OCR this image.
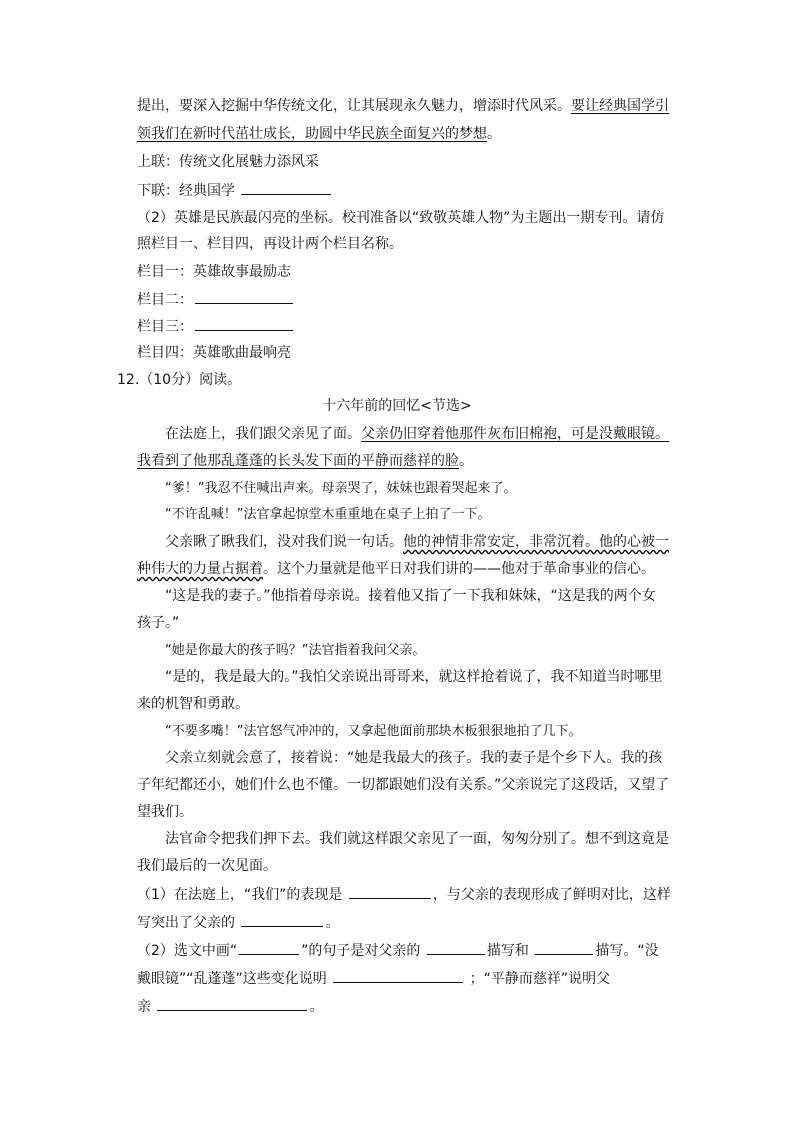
提出，要深入挖掘中华传统文化，让其展现永久魅力，增添时代风采。要让经典国学引
领我们在新时代茁壮成长，助圆中华民族全面复兴的梦想。
上联：传统文化展魅力添风采
下联：经典国学
（2）英雄是民族最闪亮的坐标。校刊准备以“致敬英雄人物”为主题出一期专刊。请仿
照栏目一、栏目四，再设计两个栏目名称。
栏目一：英雄故事最励志
栏目二：
栏目三：
栏目四：英雄歌曲最响亮
12.（10分）阅读。
十六年前的回忆<节选>
在法庭上，我们跟父亲见了面。父亲仍旧穿着他那件灰布旧棉袍，可是没戴眼镜。
我看到了他那乱蓬蓬的长头发下面的平静而慈祥的脸。
“爹！”我忍不住喊出声来。母亲哭了，妹妹也跟着哭起来了。
“不许乱喊！”法官拿起惊堂木重重地在桌子上拍了一下。
父亲瞅了瞅我们，没对我们说一句话。他的神情非常安定，非常沉着。他的心被一
种伟大的力量占据着。这个力量就是他平日对我们讲的——他对于革命事业的信心。
“这是我的妻子。”他指着母亲说。接着他又指了一下我和妹妹，“这是我的两个女
孩子。”
“她是你最大的孩子吗？”法官指着我问父亲。
“是的，我是最大的。”我怕父亲说出哥哥来，就这样抢着说了，我不知道当时哪里
来的机智和勇敢。
“不要多嘴！”法官怒气冲冲的，又拿起他面前那块木板狠狠地拍了几下。
父亲立刻就会意了，接着说：“她是我最大的孩子。我的妻子是个乡下人。我的孩
子年纪都还小，她们什么也不懂。一切都跟她们没有关系。”父亲说完了这段话，又望了
望我们。
法官命令把我们押下去。我们就这样跟父亲见了一面，匆匆分别了。想不到这竟是
我们最后的一次见面。
（1）在法庭上，“我们”的表现是	，与父亲的表现形成了鲜明对比，这样
写突出了父亲的	。
（2）选文中画“	”的句子是对父亲的	描写和	描写。“没
戴眼镜”“乱蓬蓬”这些变化说明	；“平静而慈祥”说明父
亲	。
